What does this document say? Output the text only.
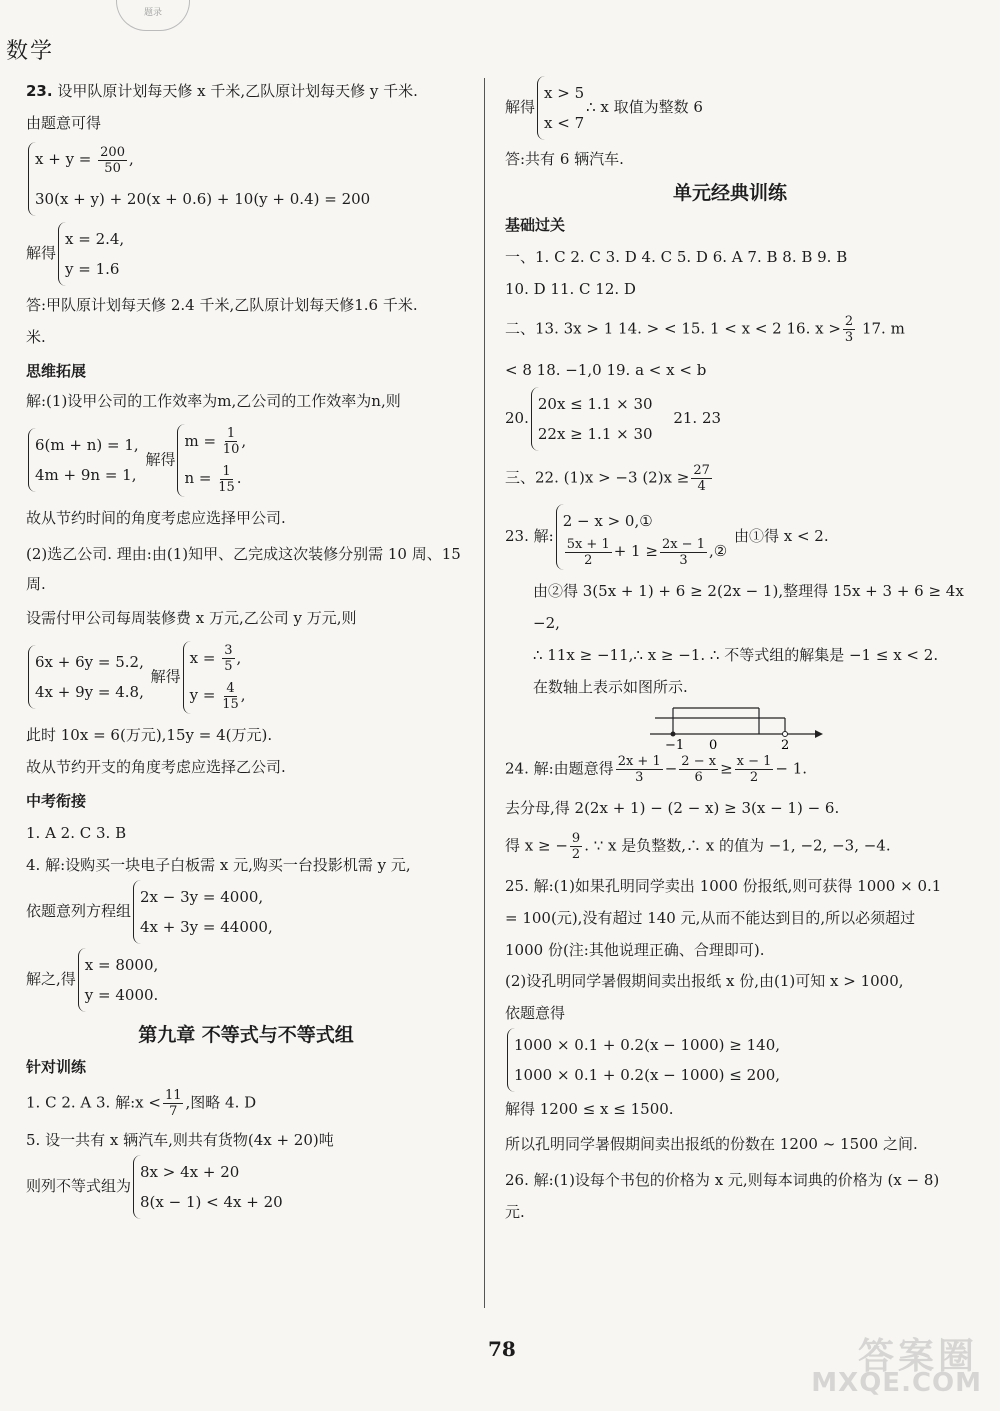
题录
数学
23. 设甲队原计划每天修 x 千米,乙队原计划每天修 y 千米.
由题意可得
$x + y = \frac{200}{50}$ ,
30(x + y) + 20(x + 0.6) + 10(y + 0.4) = 200
解得
x = 2.4,
y = 1.6
答:甲队原计划每天修 2.4 千米,乙队原计划每天修1.6 千米.
米.
思维拓展
解:(1)设甲公司的工作效率为m,乙公司的工作效率为n,则
6(m + n) = 1,
4m + 9n = 1,
解得
$m = \frac{1}{10}$ ,
$n = \frac{1}{15}$ .
故从节约时间的角度考虑应选择甲公司.
(2)选乙公司. 理由:由(1)知甲、乙完成这次装修分别需 10 周、15 周.
设需付甲公司每周装修费 x 万元,乙公司 y 万元,则
6x + 6y = 5.2,
4x + 9y = 4.8,
解得
$x = \frac{3}{5}$ ,
$y = \frac{4}{15}$ ,
此时 10x = 6(万元),15y = 4(万元).
故从节约开支的角度考虑应选择乙公司.
中考衔接
1. A 2. C 3. B
4. 解:设购买一块电子白板需 x 元,购买一台投影机需 y 元,
依题意列方程组
2x − 3y = 4000,
4x + 3y = 44000,
解之,得
x = 8000,
y = 4000.
第九章 不等式与不等式组
针对训练
1. C 2. A 3. 解:x < $\frac{11}{7}$ ,图略 4. D
5. 设一共有 x 辆汽车,则共有货物(4x + 20)吨
则列不等式组为
8x > 4x + 20
8(x − 1) < 4x + 20
解得
x > 5
x < 7
∴ x 取值为整数 6
答:共有 6 辆汽车.
单元经典训练
基础过关
一、1. C 2. C 3. D 4. C 5. D 6. A 7. B 8. B 9. B
10. D 11. C 12. D
二、13. 3x > 1 14. > < 15. 1 < x < 2 16. $x > \frac{2}{3} 17$. m
< 8 18. −1,0 19. a < x < b
20.
20x ≤ 1.1 × 30
22x ≥ 1.1 × 30
21. 23
三、22. (1)x > −3 $(2)x \ge \frac{27}{4}$
23. 解:
2 − x > 0,①
$\frac{5x + 1}{2} + 1 \ge \frac{2x - 1}{3}$ ,②
由①得 x < 2.
由②得 3(5x + 1) + 6 ≥ 2(2x − 1),整理得 15x + 3 + 6 ≥ 4x
−2,
∴ 11x ≥ −11,∴ x ≥ −1. ∴ 不等式组的解集是 −1 ≤ x < 2.
在数轴上表示如图所示.
−1 0	2
24. 解:由题意得 $\frac{2x + 1}{3} - \frac{2 - x}{6} \ge \frac{x - 1}{2} - 1$.
去分母,得 2(2x + 1) − (2 − x) ≥ 3(x − 1) − 6.
得 x ≥ − $\frac{9}{2}$ . ∵ x 是负整数,∴ x 的值为 −1, −2, −3, −4.
25. 解:(1)如果孔明同学卖出 1000 份报纸,则可获得 1000 × 0.1 = 100(元),没有超过 140 元,从而不能达到目的,所以必须超过 1000 份(注:其他说理正确、合理即可).
(2)设孔明同学暑假期间卖出报纸 x 份,由(1)可知 x > 1000,
依题意得
1000 × 0.1 + 0.2(x − 1000) ≥ 140,
1000 × 0.1 + 0.2(x − 1000) ≤ 200,
解得 1200 ≤ x ≤ 1500.
所以孔明同学暑假期间卖出报纸的份数在 1200 ~ 1500 之间.
26. 解:(1)设每个书包的价格为 x 元,则每本词典的价格为 (x − 8)元.
78	答案圈
MXQE.COM
